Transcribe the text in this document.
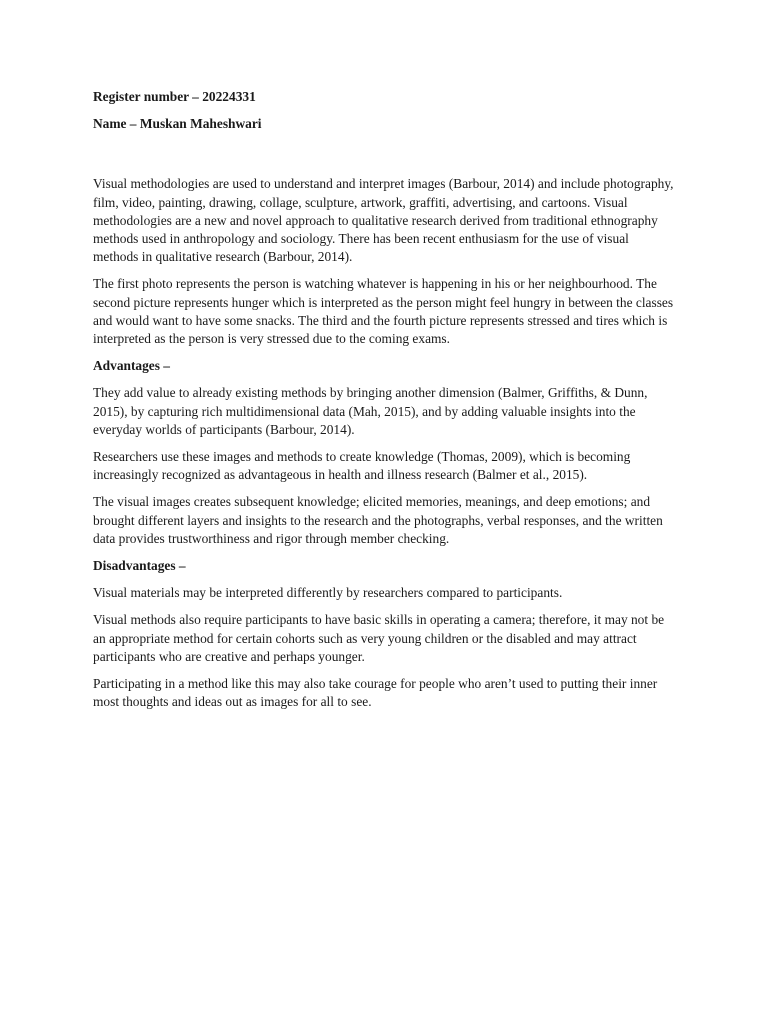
Register number – 20224331

Name – Muskan Maheshwari

Visual methodologies are used to understand and interpret images (Barbour, 2014) and include photography, film, video, painting, drawing, collage, sculpture, artwork, graffiti, advertising, and cartoons. Visual methodologies are a new and novel approach to qualitative research derived from traditional ethnography methods used in anthropology and sociology. There has been recent enthusiasm for the use of visual methods in qualitative research (Barbour, 2014).

The first photo represents the person is watching whatever is happening in his or her neighbourhood. The second picture represents hunger which is interpreted as the person might feel hungry in between the classes and would want to have some snacks. The third and the fourth picture represents stressed and tires which is interpreted as the person is very stressed due to the coming exams.

Advantages –

They add value to already existing methods by bringing another dimension (Balmer, Griffiths, & Dunn, 2015), by capturing rich multidimensional data (Mah, 2015), and by adding valuable insights into the everyday worlds of participants (Barbour, 2014).

Researchers use these images and methods to create knowledge (Thomas, 2009), which is becoming increasingly recognized as advantageous in health and illness research (Balmer et al., 2015).

The visual images creates subsequent knowledge; elicited memories, meanings, and deep emotions; and brought different layers and insights to the research and the photographs, verbal responses, and the written data provides trustworthiness and rigor through member checking.

Disadvantages –

Visual materials may be interpreted differently by researchers compared to participants.

Visual methods also require participants to have basic skills in operating a camera; therefore, it may not be an appropriate method for certain cohorts such as very young children or the disabled and may attract participants who are creative and perhaps younger.

Participating in a method like this may also take courage for people who aren’t used to putting their inner most thoughts and ideas out as images for all to see.
